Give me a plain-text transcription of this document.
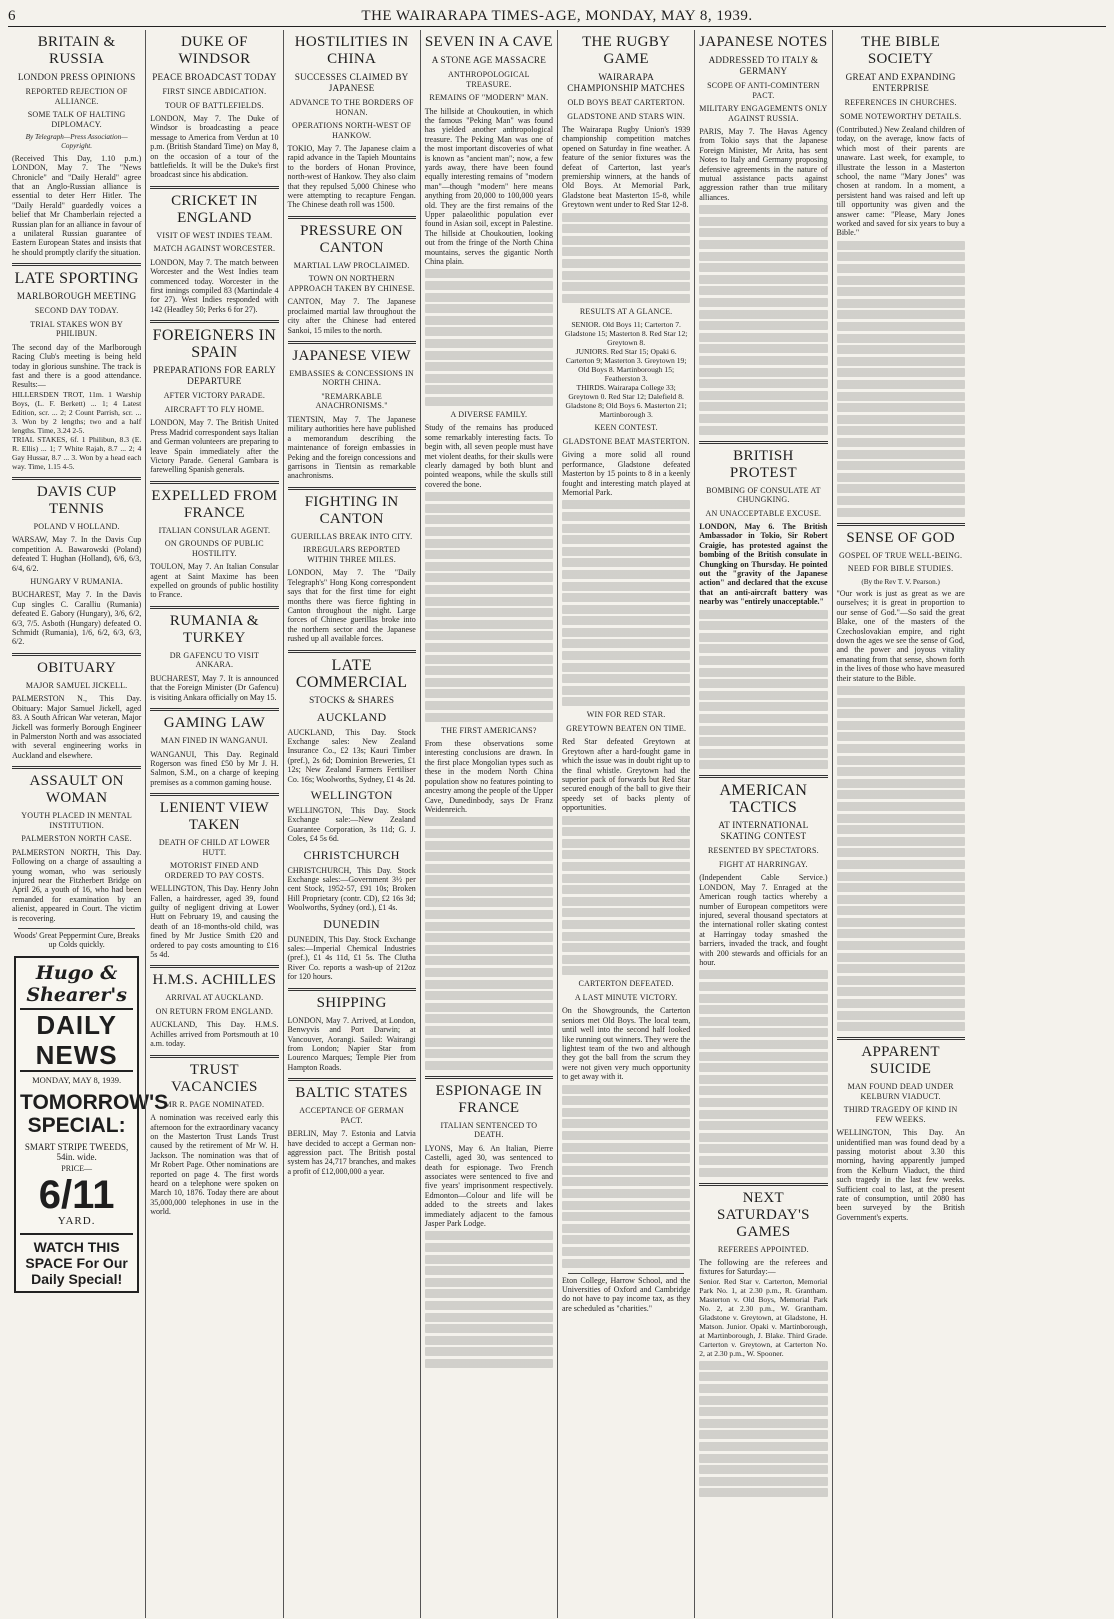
6	THE WAIRARAPA TIMES-AGE, MONDAY, MAY 8, 1939.
BRITAIN & RUSSIA
LONDON PRESS OPINIONS
REPORTED REJECTION OF ALLIANCE.
SOME TALK OF HALTING DIPLOMACY.
By Telegraph—Press Association—Copyright.

(Received This Day, 1.10 p.m.) LONDON, May 7. The "News Chronicle" and "Daily Herald" agree that an Anglo-Russian alliance is essential to deter Herr Hitler. The "Daily Herald" guardedly voices a belief that Mr Chamberlain rejected a Russian plan for an alliance in favour of a unilateral Russian guarantee of Eastern European States and insists that he should promptly clarify the situation.

LATE SPORTING
MARLBOROUGH MEETING
SECOND DAY TODAY.
TRIAL STAKES WON BY PHILIBUN.

The second day of the Marlborough Racing Club's meeting is being held today in glorious sunshine. The track is fast and there is a good attendance. Results:—

HILLERSDEN TROT, 11m. 1 Warship Boys, (L. F. Berkett) ... 1; 4 Latest Edition, scr. ... 2; 2 Count Parrish, scr. ... 3. Won by 2 lengths; two and a half lengths. Time, 3.24 2-5.

TRIAL STAKES, 6f. 1 Philibun, 8.3 (E. R. Ellis) ... 1; 7 White Rajah, 8.7 ... 2; 4 Gay Hussar, 8.7 ... 3. Won by a head each way. Time, 1.15 4-5.

DAVIS CUP TENNIS
POLAND V HOLLAND.

WARSAW, May 7. In the Davis Cup competition A. Bawarowski (Poland) defeated T. Hughan (Holland), 6/6, 6/3, 6/4, 6/2.

HUNGARY V RUMANIA.

BUCHAREST, May 7. In the Davis Cup singles C. Caralliu (Rumania) defeated E. Gabory (Hungary), 3/6, 6/2, 6/3, 7/5. Asboth (Hungary) defeated O. Schmidt (Rumania), 1/6, 6/2, 6/3, 6/3, 6/2.

OBITUARY
MAJOR SAMUEL JICKELL.

PALMERSTON N., This Day. Obituary: Major Samuel Jickell, aged 83. A South African War veteran, Major Jickell was formerly Borough Engineer in Palmerston North and was associated with several engineering works in Auckland and elsewhere.

ASSAULT ON WOMAN
YOUTH PLACED IN MENTAL INSTITUTION.
PALMERSTON NORTH CASE.

PALMERSTON NORTH, This Day. Following on a charge of assaulting a young woman, who was seriously injured near the Fitzherbert Bridge on April 26, a youth of 16, who had been remanded for examination by an alienist, appeared in Court. The victim is recovering.

Woods' Great Peppermint Cure, Breaks up Colds quickly.

Hugo & Shearer's
DAILY NEWS
MONDAY, MAY 8, 1939.
TOMORROW'S SPECIAL:
SMART STRIPE TWEEDS, 54in. wide.
PRICE—
6/11
YARD.
WATCH THIS SPACE For Our Daily Special!
DUKE OF WINDSOR
PEACE BROADCAST TODAY
FIRST SINCE ABDICATION.
TOUR OF BATTLEFIELDS.

LONDON, May 7. The Duke of Windsor is broadcasting a peace message to America from Verdun at 10 p.m. (British Standard Time) on May 8, on the occasion of a tour of the battlefields. It will be the Duke's first broadcast since his abdication.

CRICKET IN ENGLAND
VISIT OF WEST INDIES TEAM.
MATCH AGAINST WORCESTER.

LONDON, May 7. The match between Worcester and the West Indies team commenced today. Worcester in the first innings compiled 83 (Martindale 4 for 27). West Indies responded with 142 (Headley 50; Perks 6 for 27).

FOREIGNERS IN SPAIN
PREPARATIONS FOR EARLY DEPARTURE
AFTER VICTORY PARADE.
AIRCRAFT TO FLY HOME.

LONDON, May 7. The British United Press Madrid correspondent says Italian and German volunteers are preparing to leave Spain immediately after the Victory Parade. General Gambara is farewelling Spanish generals.

EXPELLED FROM FRANCE
ITALIAN CONSULAR AGENT.
ON GROUNDS OF PUBLIC HOSTILITY.

TOULON, May 7. An Italian Consular agent at Saint Maxime has been expelled on grounds of public hostility to France.

RUMANIA & TURKEY
DR GAFENCU TO VISIT ANKARA.

BUCHAREST, May 7. It is announced that the Foreign Minister (Dr Gafencu) is visiting Ankara officially on May 15.

GAMING LAW
MAN FINED IN WANGANUI.

WANGANUI, This Day. Reginald Rogerson was fined £50 by Mr J. H. Salmon, S.M., on a charge of keeping premises as a common gaming house.

LENIENT VIEW TAKEN
DEATH OF CHILD AT LOWER HUTT.
MOTORIST FINED AND ORDERED TO PAY COSTS.

WELLINGTON, This Day. Henry John Fallen, a hairdresser, aged 39, found guilty of negligent driving at Lower Hutt on February 19, and causing the death of an 18-months-old child, was fined by Mr Justice Smith £20 and ordered to pay costs amounting to £16 5s 4d.

H.M.S. ACHILLES
ARRIVAL AT AUCKLAND.
ON RETURN FROM ENGLAND.

AUCKLAND, This Day. H.M.S. Achilles arrived from Portsmouth at 10 a.m. today.

TRUST VACANCIES
MR R. PAGE NOMINATED.

A nomination was received early this afternoon for the extraordinary vacancy on the Masterton Trust Lands Trust caused by the retirement of Mr W. H. Jackson. The nomination was that of Mr Robert Page. Other nominations are reported on page 4. The first words heard on a telephone were spoken on March 10, 1876. Today there are about 35,000,000 telephones in use in the world.

HOSTILITIES IN CHINA
SUCCESSES CLAIMED BY JAPANESE
ADVANCE TO THE BORDERS OF HONAN.
OPERATIONS NORTH-WEST OF HANKOW.

TOKIO, May 7. The Japanese claim a rapid advance in the Tapieh Mountains to the borders of Honan Province, north-west of Hankow. They also claim that they repulsed 5,000 Chinese who were attempting to recapture Fengan. The Chinese death roll was 1500.

PRESSURE ON CANTON
MARTIAL LAW PROCLAIMED.
TOWN ON NORTHERN APPROACH TAKEN BY CHINESE.

CANTON, May 7. The Japanese proclaimed martial law throughout the city after the Chinese had entered Sankoi, 15 miles to the north.

JAPANESE VIEW
EMBASSIES & CONCESSIONS IN NORTH CHINA.
"REMARKABLE ANACHRONISMS."

TIENTSIN, May 7. The Japanese military authorities here have published a memorandum describing the maintenance of foreign embassies in Peking and the foreign concessions and garrisons in Tientsin as remarkable anachronisms.

FIGHTING IN CANTON
GUERILLAS BREAK INTO CITY.
IRREGULARS REPORTED WITHIN THREE MILES.

LONDON, May 7. The "Daily Telegraph's" Hong Kong correspondent says that for the first time for eight months there was fierce fighting in Canton throughout the night. Large forces of Chinese guerillas broke into the northern sector and the Japanese rushed up all available forces.

LATE COMMERCIAL
STOCKS & SHARES
AUCKLAND

AUCKLAND, This Day. Stock Exchange sales: New Zealand Insurance Co., £2 13s; Kauri Timber (pref.), 2s 6d; Dominion Breweries, £1 12s; New Zealand Farmers Fertiliser Co. 16s; Woolworths, Sydney, £1 4s 2d.

WELLINGTON

WELLINGTON, This Day. Stock Exchange sale:—New Zealand Guarantee Corporation, 3s 11d; G. J. Coles, £4 5s 6d.

CHRISTCHURCH

CHRISTCHURCH, This Day. Stock Exchange sales:—Government 3½ per cent Stock, 1952-57, £91 10s; Broken Hill Proprietary (contr. CD), £2 16s 3d; Woolworths, Sydney (ord.), £1 4s.

DUNEDIN

DUNEDIN, This Day. Stock Exchange sales:—Imperial Chemical Industries (pref.), £1 4s 11d, £1 5s. The Clutha River Co. reports a wash-up of 212oz for 120 hours.

SHIPPING

LONDON, May 7. Arrived, at London, Benwyvis and Port Darwin; at Vancouver, Aorangi. Sailed: Wairangi from London; Napier Star from Lourenco Marques; Temple Pier from Hampton Roads.

BALTIC STATES
ACCEPTANCE OF GERMAN PACT.

BERLIN, May 7. Estonia and Latvia have decided to accept a German non-aggression pact. The British postal system has 24,717 branches, and makes a profit of £12,000,000 a year.

SEVEN IN A CAVE
A STONE AGE MASSACRE
ANTHROPOLOGICAL TREASURE.
REMAINS OF "MODERN" MAN.

The hillside at Choukoutien, in which the famous "Peking Man" was found has yielded another anthropological treasure. The Peking Man was one of the most important discoveries of what is known as "ancient man"; now, a few yards away, there have been found equally interesting remains of "modern man"—though "modern" here means anything from 20,000 to 100,000 years old. They are the first remains of the Upper palaeolithic population ever found in Asian soil, except in Palestine. The hillside at Choukoutien, looking out from the fringe of the North China mountains, serves the gigantic North China plain.

A DIVERSE FAMILY.

Study of the remains has produced some remarkably interesting facts. To begin with, all seven people must have met violent deaths, for their skulls were clearly damaged by both blunt and pointed weapons, while the skulls still covered the bone.

THE FIRST AMERICANS?

From these observations some interesting conclusions are drawn. In the first place Mongolian types such as these in the modern North China population show no features pointing to ancestry among the people of the Upper Cave, Dunedinbody, says Dr Franz Weidenreich.

ESPIONAGE IN FRANCE
ITALIAN SENTENCED TO DEATH.

LYONS, May 6. An Italian, Pierre Castelli, aged 30, was sentenced to death for espionage. Two French associates were sentenced to five and five years' imprisonment respectively. Edmonton—Colour and life will be added to the streets and lakes immediately adjacent to the famous Jasper Park Lodge.

THE RUGBY GAME
WAIRARAPA CHAMPIONSHIP MATCHES
OLD BOYS BEAT CARTERTON.
GLADSTONE AND STARS WIN.

The Wairarapa Rugby Union's 1939 championship competition matches opened on Saturday in fine weather. A feature of the senior fixtures was the defeat of Carterton, last year's premiership winners, at the hands of Old Boys. At Memorial Park, Gladstone beat Masterton 15-8, while Greytown went under to Red Star 12-8.

RESULTS AT A GLANCE.

SENIOR. Old Boys 11; Carterton 7. Gladstone 15; Masterton 8. Red Star 12; Greytown 8.

JUNIORS. Red Star 15; Opaki 6. Carterton 9; Masterton 3. Greytown 19; Old Boys 8. Martinborough 15; Featherston 3.

THIRDS. Wairarapa College 33; Greytown 0. Red Star 12; Dalefield 8. Gladstone 8; Old Boys 6. Masterton 21; Martinborough 3.

KEEN CONTEST.
GLADSTONE BEAT MASTERTON.

Giving a more solid all round performance, Gladstone defeated Masterton by 15 points to 8 in a keenly fought and interesting match played at Memorial Park.

WIN FOR RED STAR.
GREYTOWN BEATEN ON TIME.

Red Star defeated Greytown at Greytown after a hard-fought game in which the issue was in doubt right up to the final whistle. Greytown had the superior pack of forwards but Red Star secured enough of the ball to give their speedy set of backs plenty of opportunities.

CARTERTON DEFEATED.
A LAST MINUTE VICTORY.

On the Showgrounds, the Carterton seniors met Old Boys. The local team, until well into the second half looked like running out winners. They were the lightest team of the two and although they got the ball from the scrum they were not given very much opportunity to get away with it.

Eton College, Harrow School, and the Universities of Oxford and Cambridge do not have to pay income tax, as they are scheduled as "charities."

JAPANESE NOTES
ADDRESSED TO ITALY & GERMANY
SCOPE OF ANTI-COMINTERN PACT.
MILITARY ENGAGEMENTS ONLY AGAINST RUSSIA.

PARIS, May 7. The Havas Agency from Tokio says that the Japanese Foreign Minister, Mr Arita, has sent Notes to Italy and Germany proposing defensive agreements in the nature of mutual assistance pacts against aggression rather than true military alliances.

BRITISH PROTEST
BOMBING OF CONSULATE AT CHUNGKING.
AN UNACCEPTABLE EXCUSE.

LONDON, May 6. The British Ambassador in Tokio, Sir Robert Craigie, has protested against the bombing of the British consulate in Chungking on Thursday. He pointed out the "gravity of the Japanese action" and declared that the excuse that an anti-aircraft battery was nearby was "entirely unacceptable."

AMERICAN TACTICS
AT INTERNATIONAL SKATING CONTEST
RESENTED BY SPECTATORS.
FIGHT AT HARRINGAY.

(Independent Cable Service.) LONDON, May 7. Enraged at the American rough tactics whereby a number of European competitors were injured, several thousand spectators at the international roller skating contest at Harringay today smashed the barriers, invaded the track, and fought with 200 stewards and officials for an hour.

NEXT SATURDAY'S GAMES
REFEREES APPOINTED.

The following are the referees and fixtures for Saturday:—

Senior. Red Star v. Carterton, Memorial Park No. 1, at 2.30 p.m., R. Grantham. Masterton v. Old Boys, Memorial Park No. 2, at 2.30 p.m., W. Grantham. Gladstone v. Greytown, at Gladstone, H. Matson. Junior. Opaki v. Martinborough, at Martinborough, J. Blake. Third Grade. Carterton v. Greytown, at Carterton No. 2, at 2.30 p.m., W. Spooner.

THE BIBLE SOCIETY
GREAT AND EXPANDING ENTERPRISE
REFERENCES IN CHURCHES.
SOME NOTEWORTHY DETAILS.

(Contributed.) New Zealand children of today, on the average, know facts of which most of their parents are unaware. Last week, for example, to illustrate the lesson in a Masterton school, the name "Mary Jones" was chosen at random. In a moment, a persistent hand was raised and left up till opportunity was given and the answer came: "Please, Mary Jones worked and saved for six years to buy a Bible."

SENSE OF GOD
GOSPEL OF TRUE WELL-BEING.
NEED FOR BIBLE STUDIES.
(By the Rev T. V. Pearson.)

"Our work is just as great as we are ourselves; it is great in proportion to our sense of God."—So said the great Blake, one of the masters of the Czechoslovakian empire, and right down the ages we see the sense of God, and the power and joyous vitality emanating from that sense, shown forth in the lives of those who have measured their stature to the Bible.

APPARENT SUICIDE
MAN FOUND DEAD UNDER KELBURN VIADUCT.
THIRD TRAGEDY OF KIND IN FEW WEEKS.

WELLINGTON, This Day. An unidentified man was found dead by a passing motorist about 3.30 this morning, having apparently jumped from the Kelburn Viaduct, the third such tragedy in the last few weeks. Sufficient coal to last, at the present rate of consumption, until 2080 has been surveyed by the British Government's experts.
